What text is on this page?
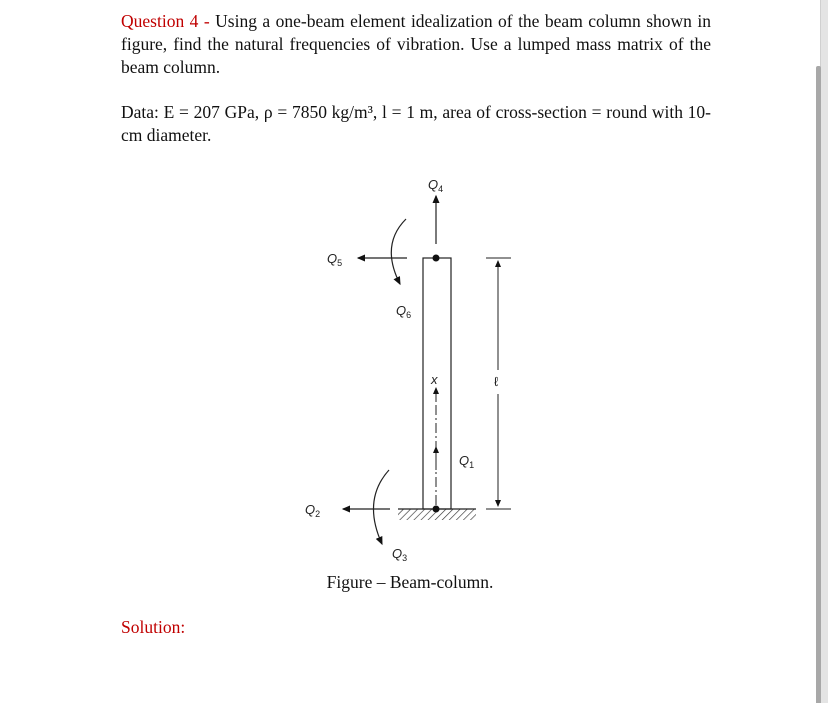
Question 4 - Using a one-beam element idealization of the beam column shown in figure, find the natural frequencies of vibration. Use a lumped mass matrix of the beam column.
Data: E = 207 GPa, ρ = 7850 kg/m³, l = 1 m, area of cross-section = round with 10-cm diameter.
$Q_4$
$Q_5$
$Q_6$
x	ℓ
$Q_1$
$Q_2$
$Q_3$
Figure – Beam-column.
Solution:
